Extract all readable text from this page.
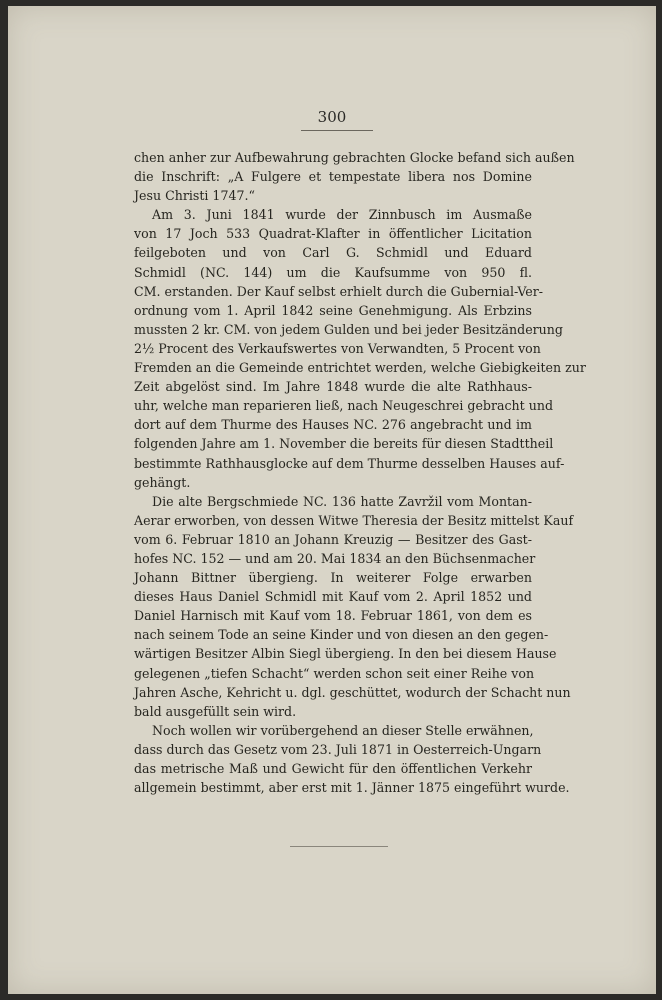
300
chen anher zur Aufbewahrung gebrachten Glocke befand sich außen
die Inschrift: „A Fulgere et tempestate libera nos Domine
Jesu Christi 1747.“
Am 3. Juni 1841 wurde der Zinnbusch im Ausmaße
von 17 Joch 533 Quadrat-Klafter in öffentlicher Licitation
feilgeboten und von Carl G. Schmidl und Eduard
Schmidl (NC. 144) um die Kaufsumme von 950 fl.
CM. erstanden. Der Kauf selbst erhielt durch die Gubernial-Ver-
ordnung vom 1. April 1842 seine Genehmigung. Als Erbzins
mussten 2 kr. CM. von jedem Gulden und bei jeder Besitzänderung
2½ Procent des Verkaufswertes von Verwandten, 5 Procent von
Fremden an die Gemeinde entrichtet werden, welche Giebigkeiten zur
Zeit abgelöst sind. Im Jahre 1848 wurde die alte Rathhaus-
uhr, welche man reparieren ließ, nach Neugeschrei gebracht und
dort auf dem Thurme des Hauses NC. 276 angebracht und im
folgenden Jahre am 1. November die bereits für diesen Stadttheil
bestimmte Rathhausglocke auf dem Thurme desselben Hauses auf-
gehängt.
Die alte Bergschmiede NC. 136 hatte Zavržil vom Montan-
Aerar erworben, von dessen Witwe Theresia der Besitz mittelst Kauf
vom 6. Februar 1810 an Johann Kreuzig — Besitzer des Gast-
hofes NC. 152 — und am 20. Mai 1834 an den Büchsenmacher
Johann Bittner übergieng. In weiterer Folge erwarben
dieses Haus Daniel Schmidl mit Kauf vom 2. April 1852 und
Daniel Harnisch mit Kauf vom 18. Februar 1861, von dem es
nach seinem Tode an seine Kinder und von diesen an den gegen-
wärtigen Besitzer Albin Siegl übergieng. In den bei diesem Hause
gelegenen „tiefen Schacht“ werden schon seit einer Reihe von
Jahren Asche, Kehricht u. dgl. geschüttet, wodurch der Schacht nun
bald ausgefüllt sein wird.
Noch wollen wir vorübergehend an dieser Stelle erwähnen,
dass durch das Gesetz vom 23. Juli 1871 in Oesterreich-Ungarn
das metrische Maß und Gewicht für den öffentlichen Verkehr
allgemein bestimmt, aber erst mit 1. Jänner 1875 eingeführt wurde.
